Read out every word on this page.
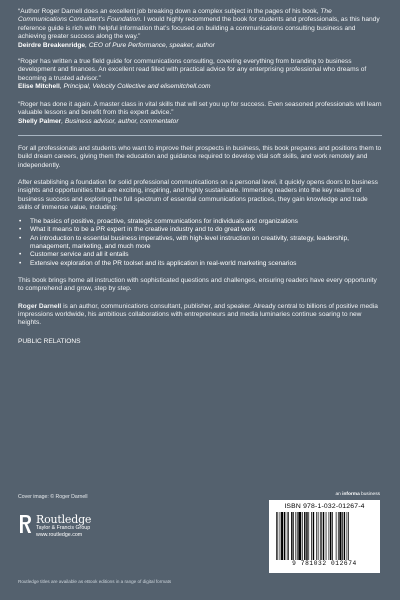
“Author Roger Darnell does an excellent job breaking down a complex subject in the pages of his book, The Communications Consultant’s Foundation. I would highly recommend the book for students and professionals, as this handy reference guide is rich with helpful information that’s focused on building a communications consulting business and achieving greater success along the way.”

Deirdre Breakenridge, CEO of Pure Performance, speaker, author

“Roger has written a true field guide for communications consulting, covering everything from branding to business development and finances. An excellent read filled with practical advice for any enterprising professional who dreams of becoming a trusted advisor.”

Elise Mitchell, Principal, Velocity Collective and elisemitchell.com

“Roger has done it again. A master class in vital skills that will set you up for success. Even seasoned professionals will learn valuable lessons and benefit from this expert advice.”

Shelly Palmer, Business advisor, author, commentator

For all professionals and students who want to improve their prospects in business, this book prepares and positions them to build dream careers, giving them the education and guidance required to develop vital soft skills, and work remotely and independently.

After establishing a foundation for solid professional communications on a personal level, it quickly opens doors to business insights and opportunities that are exciting, inspiring, and highly sustainable. Immersing readers into the key realms of business success and exploring the full spectrum of essential communications practices, they gain knowledge and trade skills of immense value, including:

• The basics of positive, proactive, strategic communications for individuals and organizations
• What it means to be a PR expert in the creative industry and to do great work
• An introduction to essential business imperatives, with high-level instruction on creativity, strategy, leadership, management, marketing, and much more
• Customer service and all it entails
• Extensive exploration of the PR toolset and its application in real-world marketing scenarios

This book brings home all instruction with sophisticated questions and challenges, ensuring readers have every opportunity to comprehend and grow, step by step.

Roger Darnell is an author, communications consultant, publisher, and speaker. Already central to billions of positive media impressions worldwide, his ambitious collaborations with entrepreneurs and media luminaries continue soaring to new heights.

PUBLIC RELATIONS

Cover image: © Roger Darnell
Routledge
Taylor & Francis Group
www.routledge.com
Routledge titles are available as eBook editions in a range of digital formats
an informa business
ISBN 978-1-032-01267-4
9 781032 012674
